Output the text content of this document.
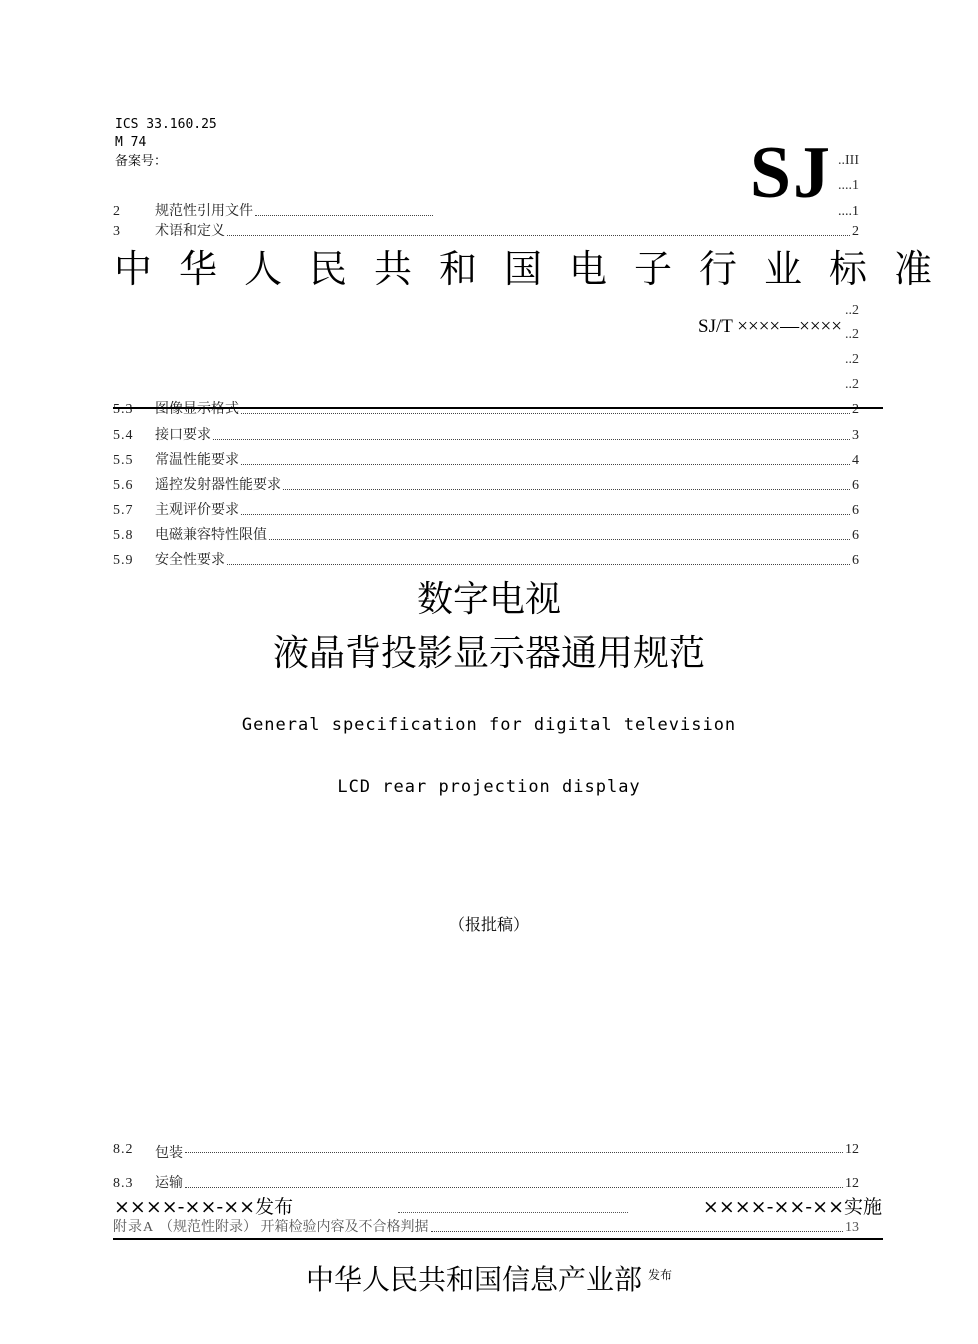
ICS 33.160.25
M 74
备案号：	SJ ..III
....1
..2
..2
..2
..2
2	规范性引用文件	....1
3	术语和定义	2
中华人民共和国电子行业标准
SJ/T ××××—××××
5.3	图像显示格式	2
5.4	接口要求	3
5.5	常温性能要求	4
5.6	遥控发射器性能要求	6
5.7	主观评价要求	6
5.8	电磁兼容特性限值	6
5.9	安全性要求	6
数字电视
液晶背投影显示器通用规范
General specification for digital television
LCD rear projection display
（报批稿）
8.2	包装	12
8.3	运输	12
××××-××-××发布	××××-××-××实施
附录A （规范性附录） 开箱检验内容及不合格判据	13
中华人民共和国信息产业部 $^{发布}$
